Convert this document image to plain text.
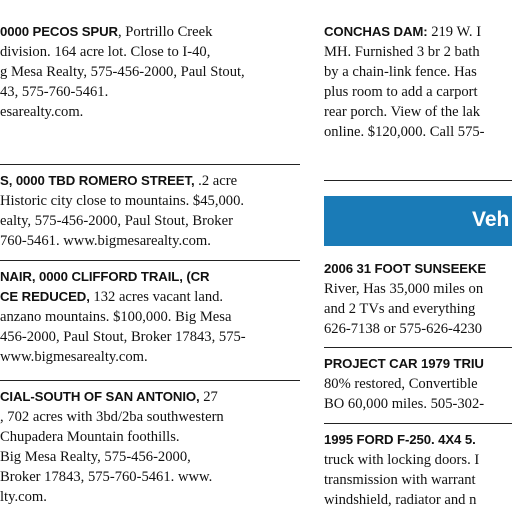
0000 PECOS SPUR, Portrillo Creek
division. 164 acre lot. Close to I-40,
g Mesa Realty, 575-456-2000, Paul Stout,
43, 575-760-5461.
esarealty.com.
S, 0000 TBD ROMERO STREET, .2 acre
Historic city close to mountains. $45,000.
ealty, 575-456-2000, Paul Stout, Broker
760-5461. www.bigmesarealty.com.
NAIR, 0000 CLIFFORD TRAIL, (CR
CE REDUCED, 132 acres vacant land.
anzano mountains. $100,000. Big Mesa
456-2000, Paul Stout, Broker 17843, 575-
www.bigmesarealty.com.
CIAL-SOUTH OF SAN ANTONIO, 27
, 702 acres with 3bd/2ba southwestern
Chupadera Mountain foothills.
Big Mesa Realty, 575-456-2000,
Broker 17843, 575-760-5461. www.
lty.com.
CONCHAS DAM: 219 W. I
MH. Furnished 3 br 2 bath
by a chain-link fence. Has
plus room to add a carport
rear porch. View of the lak
online. $120,000. Call 575-
Veh
2006 31 FOOT SUNSEEKE
River, Has 35,000 miles on
and 2 TVs and everything
626-7138 or 575-626-4230
PROJECT CAR 1979 TRIU
80% restored, Convertible
BO 60,000 miles. 505-302-
1995 FORD F-250. 4X4 5.
truck with locking doors. I
transmission with warrant
windshield, radiator and n
